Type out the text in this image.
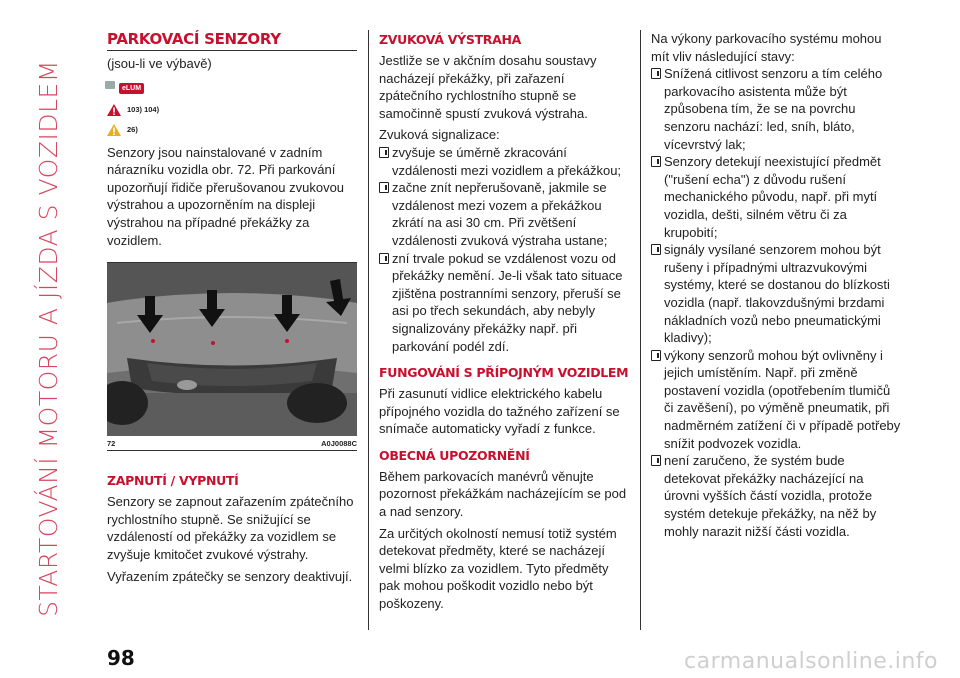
STARTOVÁNÍ MOTORU A JÍZDA S VOZIDLEM
PARKOVACÍ SENZORY

(jsou-li ve výbavě)

eLUM
103) 104)
26)

Senzory jsou nainstalované v zadním nárazníku vozidla obr. 72. Při parkování upozorňují řidiče přerušovanou zvukovou výstrahou a upozorněním na displeji výstrahou na případné překážky za vozidlem.

72	A0J0088C
ZAPNUTÍ / VYPNUTÍ

Senzory se zapnout zařazením zpátečního rychlostního stupně. Se snižující se vzdáleností od překážky za vozidlem se zvyšuje kmitočet zvukové výstrahy.

Vyřazením zpátečky se senzory deaktivují.

ZVUKOVÁ VÝSTRAHA

Jestliže se v akčním dosahu soustavy nacházejí překážky, při zařazení zpátečního rychlostního stupně se samočinně spustí zvuková výstraha.

Zvuková signalizace:

zvyšuje se úměrně zkracování vzdálenosti mezi vozidlem a překážkou;
začne znít nepřerušovaně, jakmile se vzdálenost mezi vozem a překážkou zkrátí na asi 30 cm. Při zvětšení vzdálenosti zvuková výstraha ustane;
zní trvale pokud se vzdálenost vozu od překážky nemění. Je-li však tato situace zjištěna postranními senzory, přeruší se asi po třech sekundách, aby nebyly signalizovány překážky např. při parkování podél zdí.
FUNGOVÁNÍ S PŘÍPOJNÝM VOZIDLEM

Při zasunutí vidlice elektrického kabelu přípojného vozidla do tažného zařízení se snímače automaticky vyřadí z funkce.

OBECNÁ UPOZORNĚNÍ

Během parkovacích manévrů věnujte pozornost překážkám nacházejícím se pod a nad senzory.

Za určitých okolností nemusí totiž systém detekovat předměty, které se nacházejí velmi blízko za vozidlem. Tyto předměty pak mohou poškodit vozidlo nebo být poškozeny.

Na výkony parkovacího systému mohou mít vliv následující stavy:

Snížená citlivost senzoru a tím celého parkovacího asistenta může být způsobena tím, že se na povrchu senzoru nachází: led, sníh, bláto, vícevrstvý lak;
Senzory detekují neexistující předmět ("rušení echa") z důvodu rušení mechanického původu, např. při mytí vozidla, dešti, silném větru či za krupobití;
signály vysílané senzorem mohou být rušeny i případnými ultrazvukovými systémy, které se dostanou do blízkosti vozidla (např. tlakovzdušnými brzdami nákladních vozů nebo pneumatickými kladivy);
výkony senzorů mohou být ovlivněny i jejich umístěním. Např. při změně postavení vozidla (opotřebením tlumičů či zavěšení), po výměně pneumatik, při nadměrném zatížení či v případě potřeby snížit podvozek vozidla.
není zaručeno, že systém bude detekovat překážky nacházející na úrovni vyšších částí vozidla, protože systém detekuje překážky, na něž by mohly narazit nižší části vozidla.
98	carmanualsonline.info
